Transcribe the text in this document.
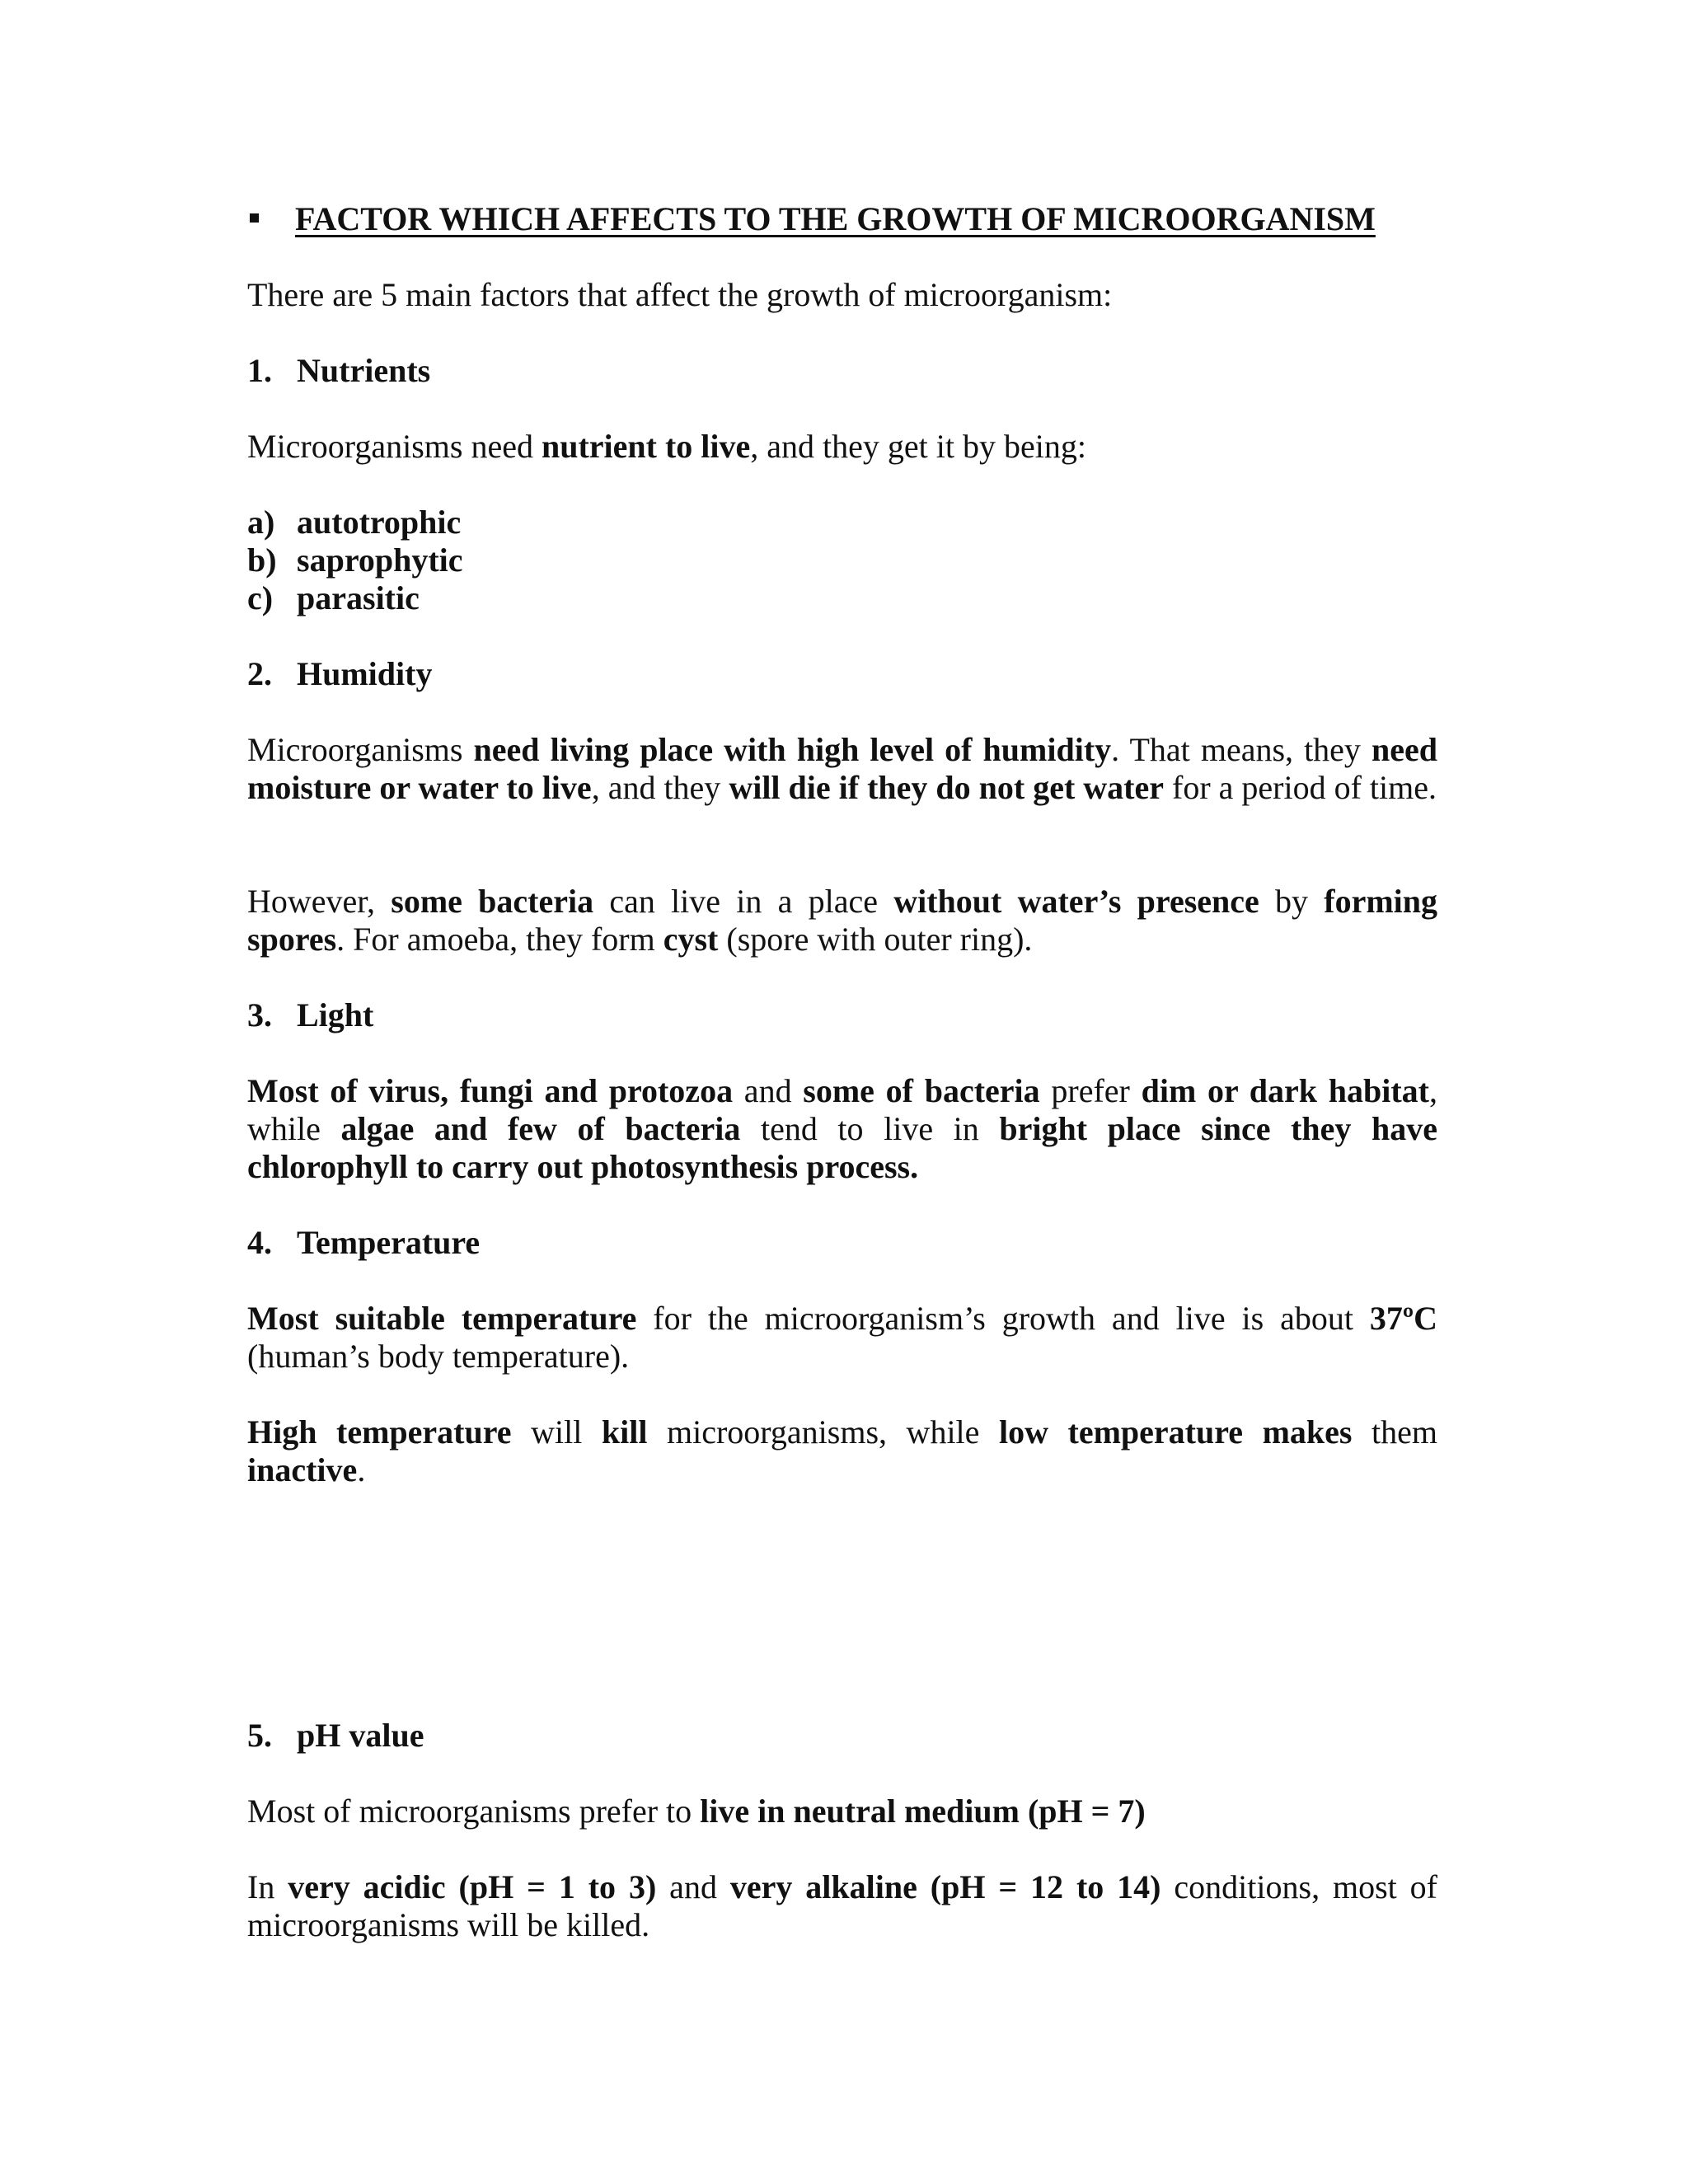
FACTOR WHICH AFFECTS TO THE GROWTH OF MICROORGANISM
There are 5 main factors that affect the growth of microorganism:
1. Nutrients
Microorganisms need nutrient to live, and they get it by being:
a) autotrophic
b) saprophytic
c) parasitic
2. Humidity
Microorganisms need living place with high level of humidity. That means, they need moisture or water to live, and they will die if they do not get water for a period of time.
However, some bacteria can live in a place without water’s presence by forming spores. For amoeba, they form cyst (spore with outer ring).
3. Light
Most of virus, fungi and protozoa and some of bacteria prefer dim or dark habitat, while algae and few of bacteria tend to live in bright place since they have chlorophyll to carry out photosynthesis process.
4. Temperature
Most suitable temperature for the microorganism’s growth and live is about 37ºC (human’s body temperature).
High temperature will kill microorganisms, while low temperature makes them inactive.
5. pH value
Most of microorganisms prefer to live in neutral medium (pH = 7)
In very acidic (pH = 1 to 3) and very alkaline (pH = 12 to 14) conditions, most of microorganisms will be killed.
